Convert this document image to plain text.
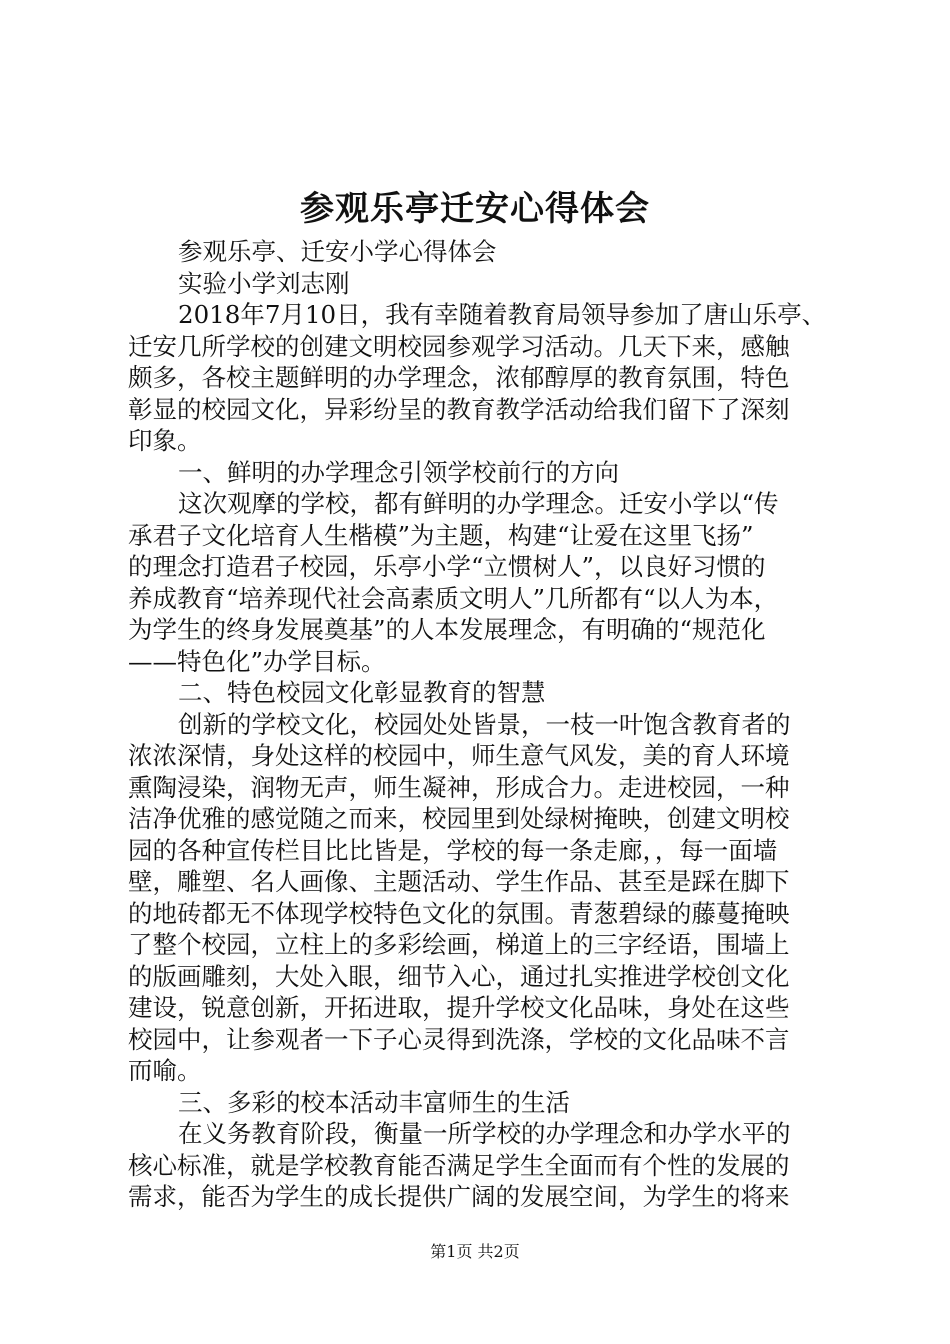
参观乐亭迁安心得体会
参观乐亭、迁安小学心得体会
实验小学刘志刚
2018年7月10日，我有幸随着教育局领导参加了唐山乐亭、
迁安几所学校的创建文明校园参观学习活动。几天下来，感触
颇多，各校主题鲜明的办学理念，浓郁醇厚的教育氛围，特色
彰显的校园文化，异彩纷呈的教育教学活动给我们留下了深刻
印象。
一、鲜明的办学理念引领学校前行的方向
这次观摩的学校，都有鲜明的办学理念。迁安小学以“传
承君子文化培育人生楷模”为主题，构建“让爱在这里飞扬”
的理念打造君子校园，乐亭小学“立惯树人”，以良好习惯的
养成教育“培养现代社会高素质文明人”几所都有“以人为本，
为学生的终身发展奠基”的人本发展理念，有明确的“规范化
——特色化”办学目标。
二、特色校园文化彰显教育的智慧
创新的学校文化，校园处处皆景，一枝一叶饱含教育者的
浓浓深情，身处这样的校园中，师生意气风发，美的育人环境
熏陶浸染，润物无声，师生凝神，形成合力。走进校园，一种
洁净优雅的感觉随之而来，校园里到处绿树掩映，创建文明校
园的各种宣传栏目比比皆是，学校的每一条走廊，，每一面墙
壁，雕塑、名人画像、主题活动、学生作品、甚至是踩在脚下
的地砖都无不体现学校特色文化的氛围。青葱碧绿的藤蔓掩映
了整个校园，立柱上的多彩绘画，梯道上的三字经语，围墙上
的版画雕刻，大处入眼，细节入心，通过扎实推进学校创文化
建设，锐意创新，开拓进取，提升学校文化品味，身处在这些
校园中，让参观者一下子心灵得到洗涤，学校的文化品味不言
而喻。
三、多彩的校本活动丰富师生的生活
在义务教育阶段，衡量一所学校的办学理念和办学水平的
核心标准，就是学校教育能否满足学生全面而有个性的发展的
需求，能否为学生的成长提供广阔的发展空间，为学生的将来
第1页 共2页
